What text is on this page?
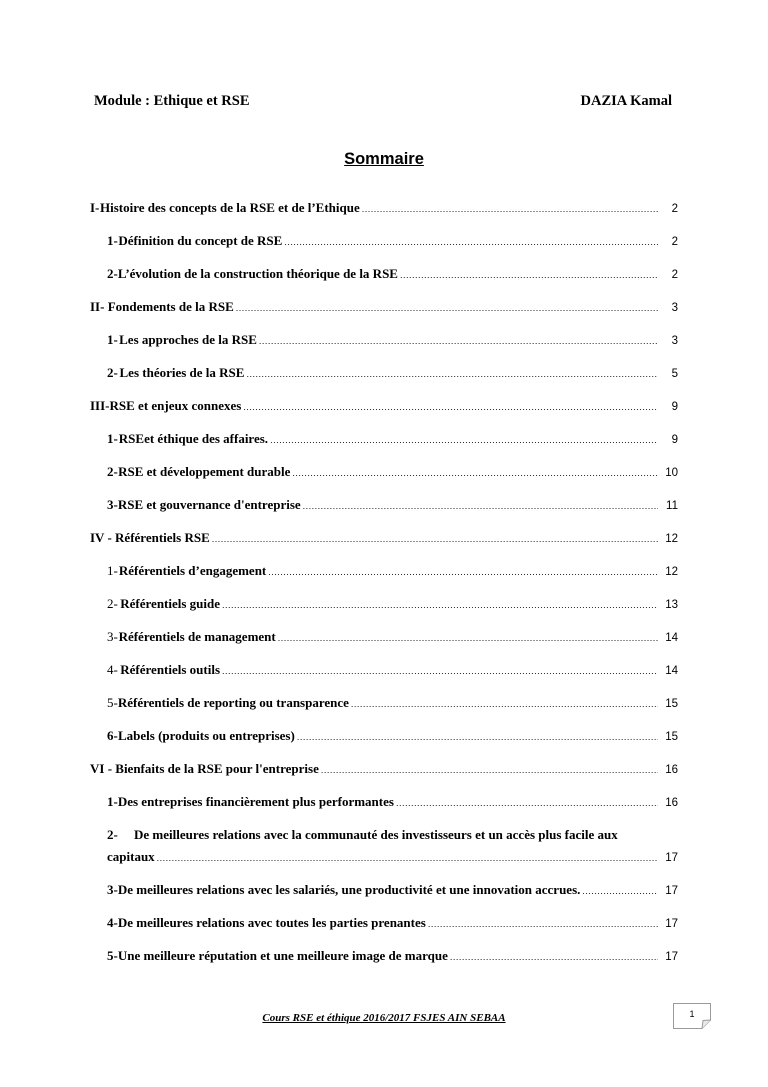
Module : Ethique et RSE	DAZIA Kamal
Sommaire
I- Histoire des concepts de la RSE et de l’Ethique .....	2
1- Définition du concept de RSE .....	2
2- L’évolution de la construction théorique de la RSE .....	2
II- Fondements de la RSE .....	3
1- Les approches de la RSE .....	3
2- Les théories de la RSE .....	5
III-RSE et enjeux connexes .....	9
1- RSEet éthique des affaires. .....	9
2- RSE et développement durable .....	10
3- RSE et gouvernance d'entreprise .....	11
IV - Référentiels RSE .....	12
1- Référentiels d’engagement .....	12
2- Référentiels guide .....	13
3- Référentiels de management .....	14
4- Référentiels outils .....	14
5- Référentiels de reporting ou transparence .....	15
6- Labels (produits ou entreprises) .....	15
VI - Bienfaits de la RSE pour l'entreprise .....	16
1- Des entreprises financièrement plus performantes .....	16
2-	De meilleures relations avec la communauté des investisseurs et un accès plus facile aux
capitaux .....	17
3- De meilleures relations avec les salariés, une productivité et une innovation accrues. .....	17
4- De meilleures relations avec toutes les parties prenantes .....	17
5- Une meilleure réputation et une meilleure image de marque .....	17
Cours RSE et éthique 2016/2017 FSJES AIN SEBAA	1
